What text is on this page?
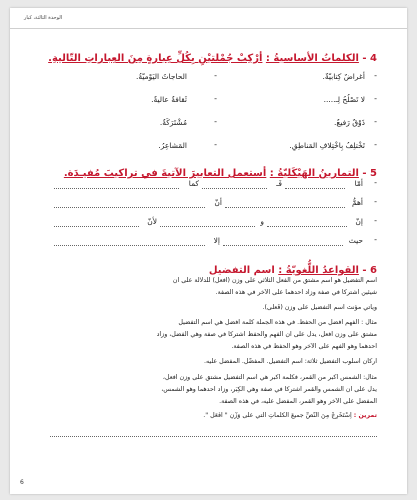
الوحدة الثالثة، كبار
4 - الكلماتُ الأساسيةُ : أرْكِبْ جُمْلتيْنِ بِكُلِّ عِبارةٍ مِنَ العِباراتِ التّاليةِ.
-
أغراضٌ كِتابيّةٌ.
-
الحاجاتُ اليَوْميّةُ.
-
لا تَصْلُحُ لِـ.....
-
ثَقافةٌ عاليةٌ.
-
ذَوْقٌ رَفيعٌ.
-
مُشْتَرَكَةٌ.
-
تَخْتلِفُ بِاخْتِلافِ المَناطِقِ.
-
المَشاعِرُ.
5 - التمارينُ الهَيْكَليّةُ : أستعمل التعابيرَ الآتيةَ في تراكيبَ مُفيـدَة.
-
أمّا
فَـ
كما
-
أهمُّ
أنّ
-
إنّ
و
لأنّ
-
حيث
إلا
6 - القواعدُ اللُّغويّةُ : اسم التفضيل
اسم التفضيل هو اسم مشتق من الفعل الثلاثي على وزن (أفعل) للدلالة على أن
شيئين اشتركا في صفة وزاد أحدهما على الآخر في هذه الصفة.
ويأتي مؤنث اسم التفضيل على وزن (فُعلى).
مثال : الفهم أفضل من الحفظ. في هذه الجملة كلمة أفضل هي اسم التفضيل
مشتق على وزن أفعل، يدل على أن الفهم والحفظ اشتركا في صفة وهي الفضل، وزاد
أحدهما وهو الفهم على الآخر وهو الحفظ في هذه الصفة.
أركان أسلوب التفضيل ثلاثة: اسم التفضيل. المفضّل. المفضل عليه.
مثال: الشمس أكبر من القمر، فكلمة أكبر هي اسم التفضيل مشتق على وزن أفعل،
يدل على أن الشمس والقمر اشتركا في صفة وهي الكِبَر، وزاد أحدهما وهو الشمس،
المفضل على الآخر وهو القمر، المفضل عليه، في هذه الصفة.
تمرين : اِسْتَخْرِجْ مِنَ النَّصِّ جميعَ الكلماتِ الّتي على وَزْنِ " أَفْعَل ".
6
